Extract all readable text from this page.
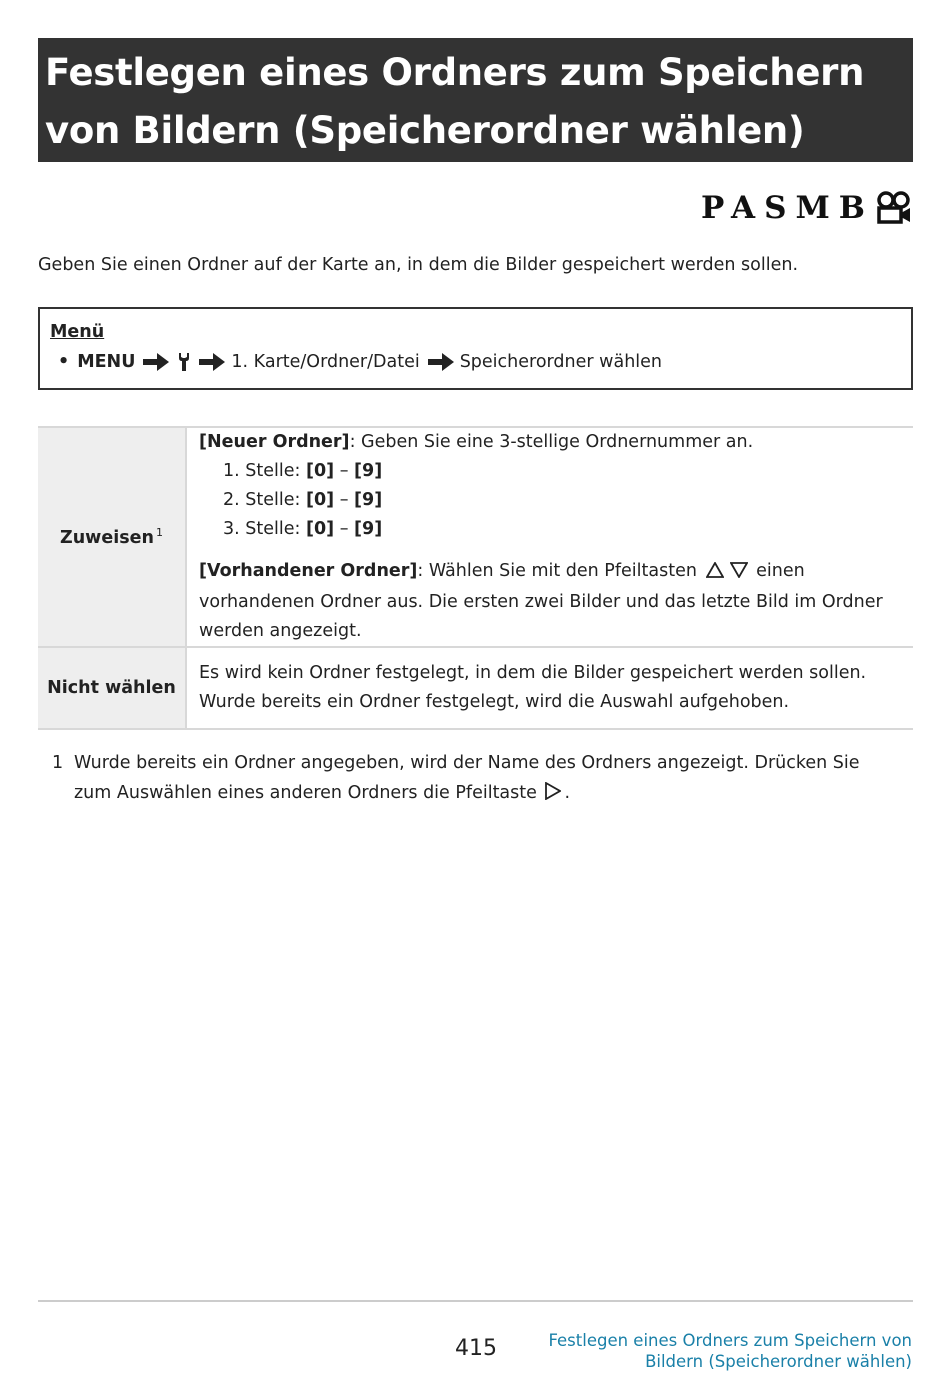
Festlegen eines Ordners zum Speichern von Bildern (Speicherordner wählen)
PASMB

Geben Sie einen Ordner auf der Karte an, in dem die Bilder gespeichert werden sollen.

Menü

• MENU	1. Karte/Ordner/Datei Speicherordner wählen
Zuweisen $^1$	[Neuer Ordner]: Geben Sie eine 3-stellige Ordnernummer an.

1. Stelle: [0] – [9]

2. Stelle: [0] – [9]

3. Stelle: [0] – [9]

[Vorhandener Ordner]: Wählen Sie mit den Pfeiltasten einen vorhandenen Ordner aus. Die ersten zwei Bilder und das letzte Bild im Ordner werden angezeigt.

Nicht wählen	Es wird kein Ordner festgelegt, in dem die Bilder gespeichert werden sollen. Wurde bereits ein Ordner festgelegt, wird die Auswahl aufgehoben.
1 Wurde bereits ein Ordner angegeben, wird der Name des Ordners angezeigt. Drücken Sie zum Auswählen eines anderen Ordners die Pfeiltaste .
415	Festlegen eines Ordners zum Speichern von
Bildern (Speicherordner wählen)
